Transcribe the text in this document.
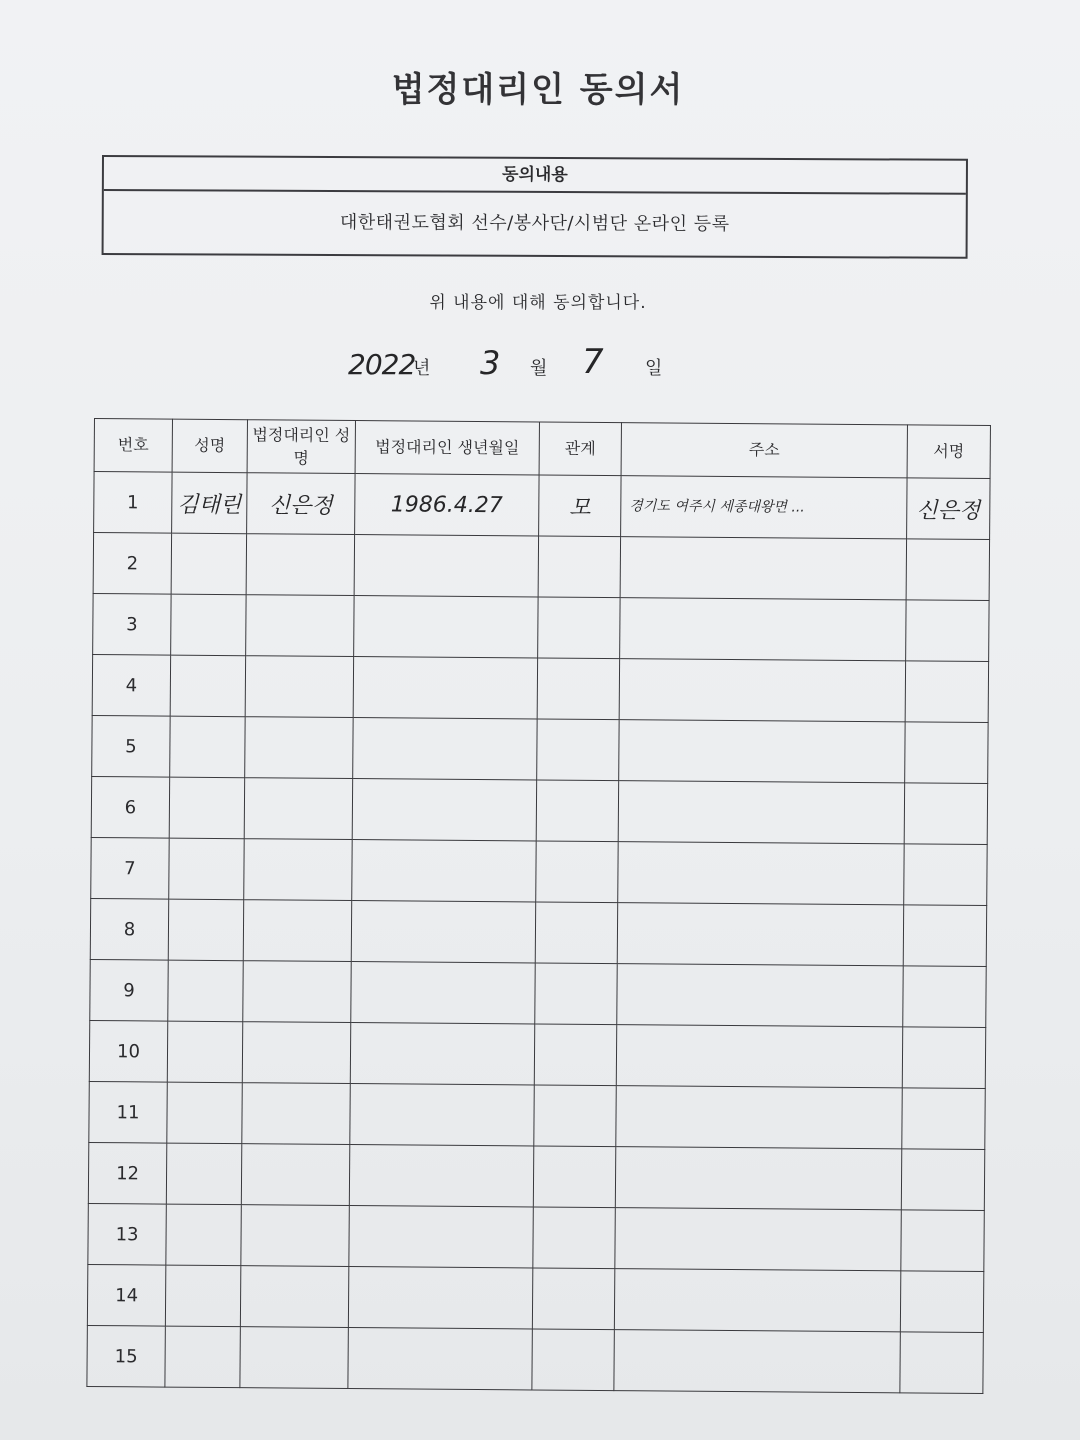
법정대리인 동의서
동의내용
대한태권도협회 선수/봉사단/시범단 온라인 등록
위 내용에 대해 동의합니다.
2022
년 3 월 7 일
번호	성명	법정대리인 성명	법정대리인 생년월일	관계	주소	서명
1	김태린	신은정	1986.4.27	모	경기도 여주시 세종대왕면 ...	신은정
2						
3						
4						
5						
6						
7						
8						
9						
10						
11						
12						
13						
14						
15						
